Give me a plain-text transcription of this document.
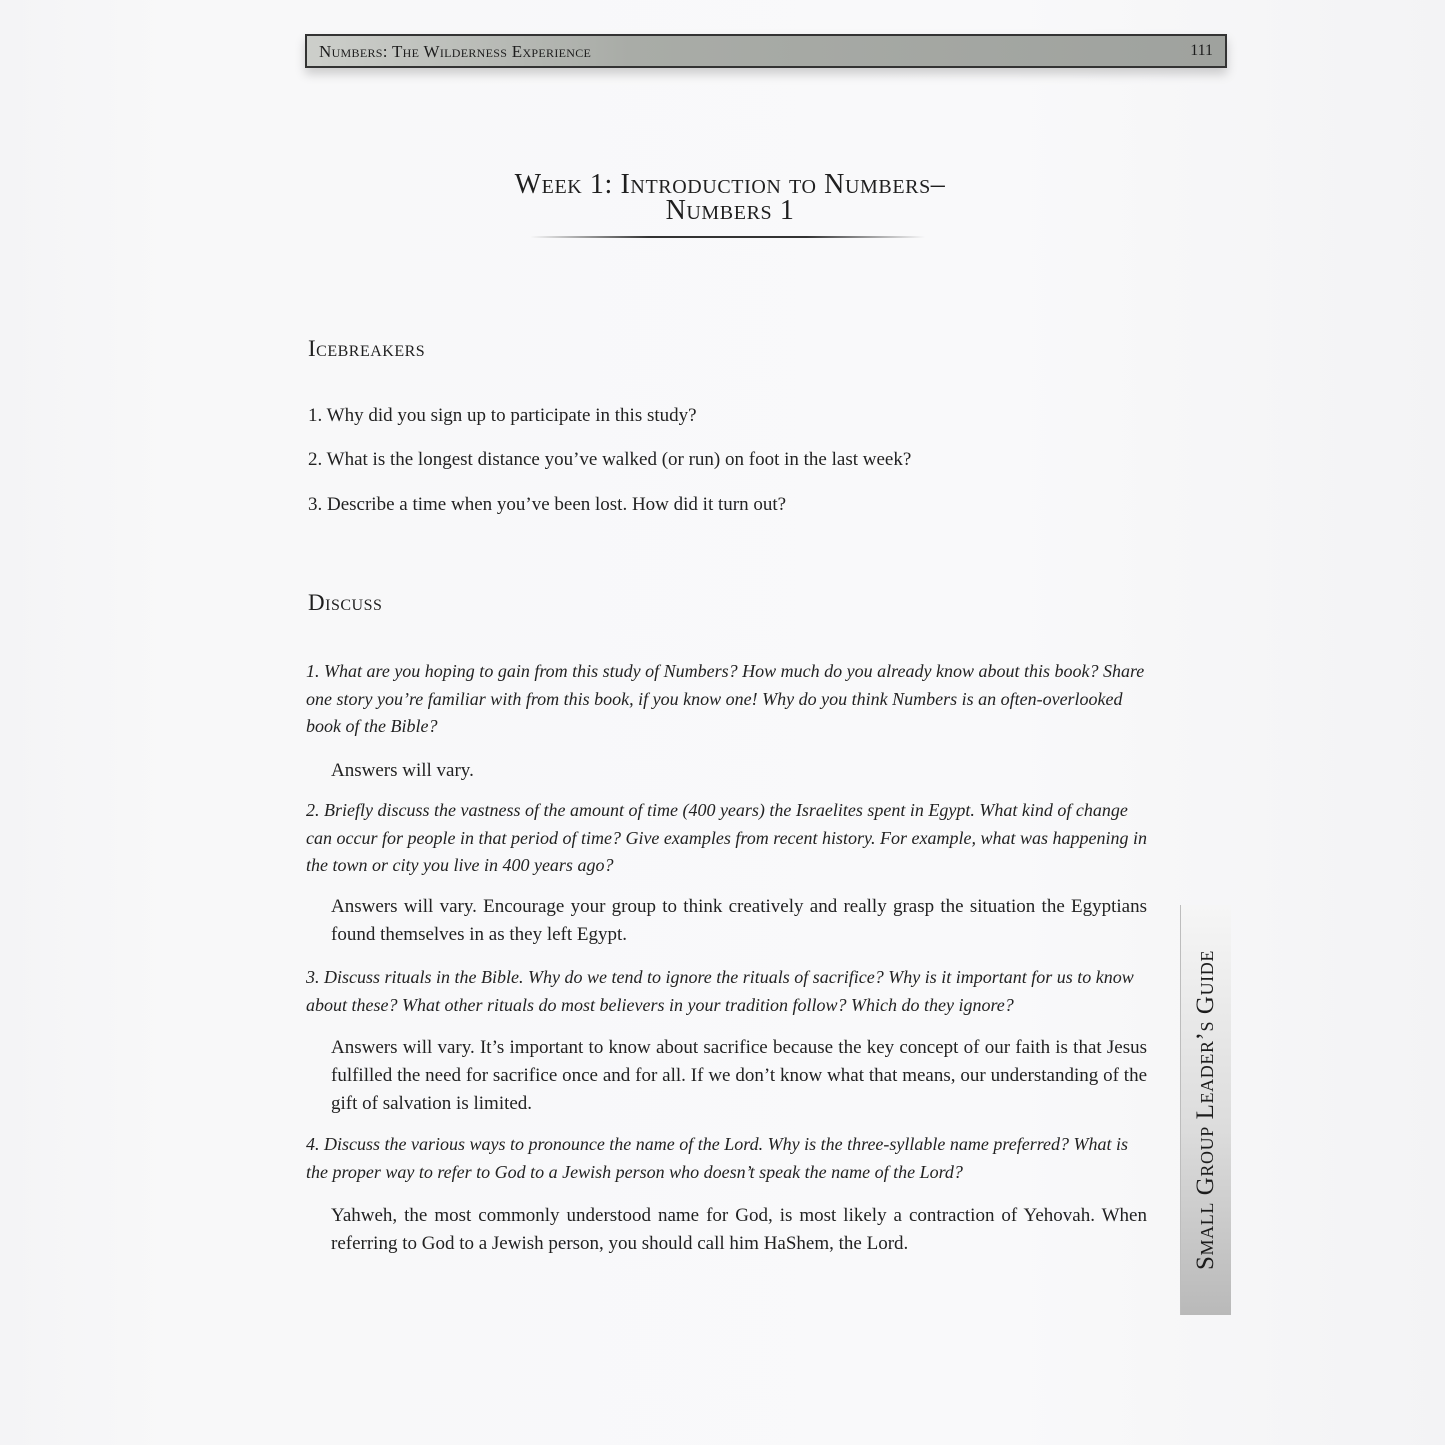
Numbers: The Wilderness Experience	111
Week 1: Introduction to Numbers–
Numbers 1
Icebreakers
1. Why did you sign up to participate in this study?
2. What is the longest distance you’ve walked (or run) on foot in the last week?
3. Describe a time when you’ve been lost. How did it turn out?
Discuss
1. What are you hoping to gain from this study of Numbers? How much do you already know about this book? Share one story you’re familiar with from this book, if you know one! Why do you think Numbers is an often-overlooked book of the Bible?
Answers will vary.
2. Briefly discuss the vastness of the amount of time (400 years) the Israelites spent in Egypt. What kind of change can occur for people in that period of time? Give examples from recent history. For example, what was happening in the town or city you live in 400 years ago?
Answers will vary. Encourage your group to think creatively and really grasp the situation the Egyptians found themselves in as they left Egypt.
3. Discuss rituals in the Bible. Why do we tend to ignore the rituals of sacrifice? Why is it important for us to know about these? What other rituals do most believers in your tradition follow? Which do they ignore?
Answers will vary. It’s important to know about sacrifice because the key concept of our faith is that Jesus fulfilled the need for sacrifice once and for all. If we don’t know what that means, our understanding of the gift of salvation is limited.
4. Discuss the various ways to pronounce the name of the Lord. Why is the three-syllable name preferred? What is the proper way to refer to God to a Jewish person who doesn’t speak the name of the Lord?
Yahweh, the most commonly understood name for God, is most likely a contraction of Yehovah. When referring to God to a Jewish person, you should call him HaShem, the Lord.	Small Group Leader’s Guide
